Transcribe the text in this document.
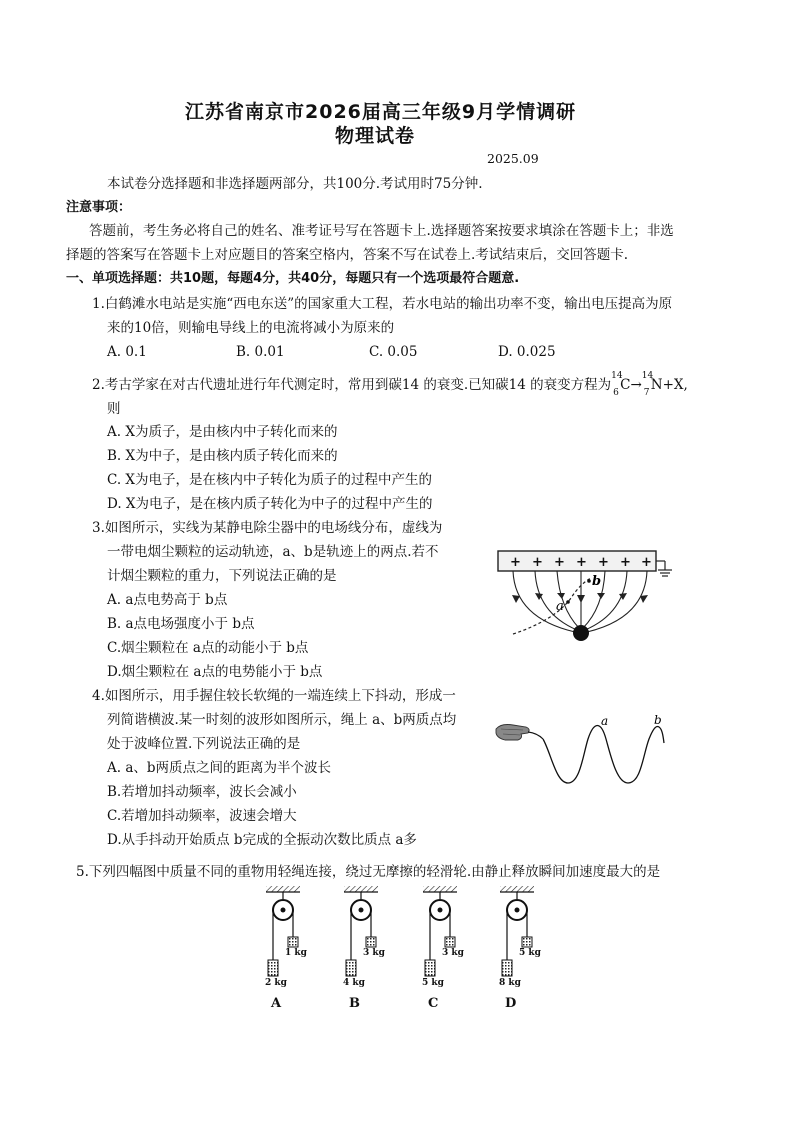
江苏省南京市2026届高三年级9月学情调研
物理试卷
2025.09
本试卷分选择题和非选择题两部分，共100分.考试用时75分钟.
注意事项：
答题前，考生务必将自己的姓名、准考证号写在答题卡上.选择题答案按要求填涂在答题卡上；非选
择题的答案写在答题卡上对应题目的答案空格内，答案不写在试卷上.考试结束后，交回答题卡.
一、单项选择题：共10题，每题4分，共40分，每题只有一个选项最符合题意.
1.白鹤滩水电站是实施“西电东送”的国家重大工程，若水电站的输出功率不变，输出电压提高为原
来的10倍，则输电导线上的电流将减小为原来的
A. 0.1	B. 0.01	C. 0.05	D. 0.025
2.考古学家在对古代遗址进行年代测定时，常用到碳14 的衰变.已知碳14 的衰变方程为
14
6 C→
14
7 N+X,
则
A. X为质子，是由核内中子转化而来的
B. X为中子，是由核内质子转化而来的
C. X为电子，是在核内中子转化为质子的过程中产生的
D. X为电子，是在核内质子转化为中子的过程中产生的
3.如图所示，实线为某静电除尘器中的电场线分布，虚线为
一带电烟尘颗粒的运动轨迹，a、b是轨迹上的两点.若不
计烟尘颗粒的重力，下列说法正确的是
A. a点电势高于 b点
B. a点电场强度小于 b点
C.烟尘颗粒在 a点的动能小于 b点
D.烟尘颗粒在 a点的电势能小于 b点
+ + + + + + +
a
b
4.如图所示，用手握住较长软绳的一端连续上下抖动，形成一
列简谐横波.某一时刻的波形如图所示，绳上 a、b两质点均
处于波峰位置.下列说法正确的是
A. a、b两质点之间的距离为半个波长
B.若增加抖动频率，波长会减小
C.若增加抖动频率，波速会增大
D.从手抖动开始质点 b完成的全振动次数比质点 a多
a	b
5.下列四幅图中质量不同的重物用轻绳连接，绕过无摩擦的轻滑轮.由静止释放瞬间加速度最大的是
1 kg
2 kg
A
3 kg
4 kg
B
3 kg
5 kg
C
5 kg
8 kg
D
